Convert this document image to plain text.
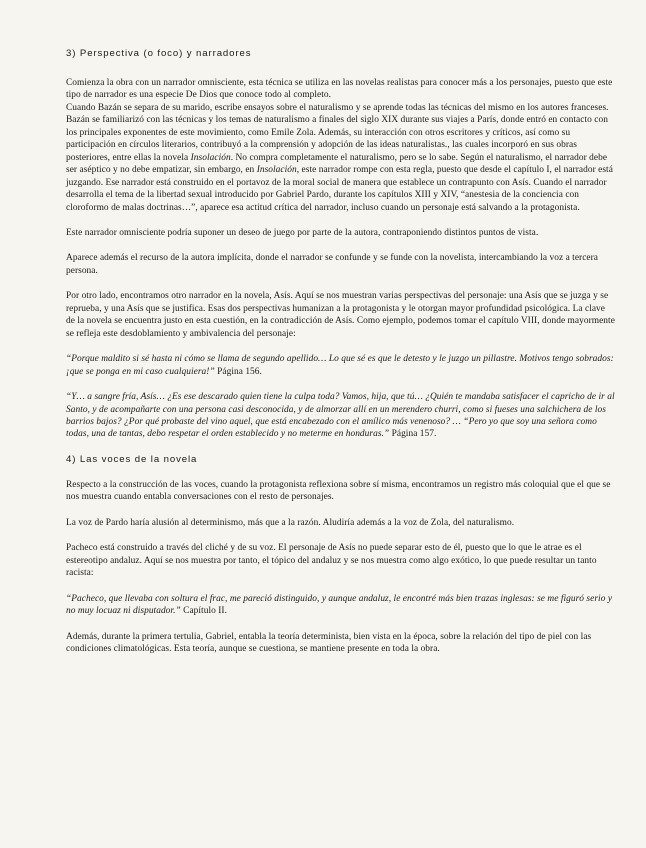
3) Perspectiva (o foco) y narradores

Comienza la obra con un narrador omnisciente, esta técnica se utiliza en las novelas realistas para conocer más a los personajes, puesto que este tipo de narrador es una especie De Dios que conoce todo al completo.
Cuando Bazán se separa de su marido, escribe ensayos sobre el naturalismo y se aprende todas las técnicas del mismo en los autores franceses. Bazán se familiarizó con las técnicas y los temas de naturalismo a finales del siglo XIX durante sus viajes a París, donde entró en contacto con los principales exponentes de este movimiento, como Emile Zola. Además, su interacción con otros escritores y críticos, así como su participación en círculos literarios, contribuyó a la comprensión y adopción de las ideas naturalistas., las cuales incorporó en sus obras posteriores, entre ellas la novela Insolación. No compra completamente el naturalismo, pero se lo sabe. Según el naturalismo, el narrador debe ser aséptico y no debe empatizar, sin embargo, en Insolación, este narrador rompe con esta regla, puesto que desde el capítulo I, el narrador está juzgando. Ese narrador está construido en el portavoz de la moral social de manera que establece un contrapunto con Asís. Cuando el narrador desarrolla el tema de la libertad sexual introducido por Gabriel Pardo, durante los capítulos XIII y XIV, “anestesia de la conciencia con cloroformo de malas doctrinas…”, aparece esa actitud crítica del narrador, incluso cuando un personaje está salvando a la protagonista.

Este narrador omnisciente podría suponer un deseo de juego por parte de la autora, contraponiendo distintos puntos de vista.

Aparece además el recurso de la autora implícita, donde el narrador se confunde y se funde con la novelista, intercambiando la voz a tercera persona.

Por otro lado, encontramos otro narrador en la novela, Asís. Aquí se nos muestran varias perspectivas del personaje: una Asís que se juzga y se reprueba, y una Asís que se justifica. Esas dos perspectivas humanizan a la protagonista y le otorgan mayor profundidad psicológica. La clave de la novela se encuentra justo en esta cuestión, en la contradicción de Asís. Como ejemplo, podemos tomar el capítulo VIII, donde mayormente se refleja este desdoblamiento y ambivalencia del personaje:

“Porque maldito si sé hasta ni cómo se llama de segundo apellido… Lo que sé es que le detesto y le juzgo un pillastre. Motivos tengo sobrados: ¡que se ponga en mi caso cualquiera!” Página 156.

“Y… a sangre fría, Asís… ¿Es ese descarado quien tiene la culpa toda? Vamos, hija, que tú… ¿Quién te mandaba satisfacer el capricho de ir al Santo, y de acompañarte con una persona casi desconocida, y de almorzar allí en un merendero churri, como si fueses una salchichera de los barrios bajos? ¿Por qué probaste del vino aquel, que está encabezado con el amílico más venenoso? … “Pero yo que soy una señora como todas, una de tantas, debo respetar el orden establecido y no meterme en honduras.” Página 157.

4) Las voces de la novela

Respecto a la construcción de las voces, cuando la protagonista reflexiona sobre sí misma, encontramos un registro más coloquial que el que se nos muestra cuando entabla conversaciones con el resto de personajes.

La voz de Pardo haría alusión al determinismo, más que a la razón. Aludiría además a la voz de Zola, del naturalismo.

Pacheco está construido a través del cliché y de su voz. El personaje de Asís no puede separar esto de él, puesto que lo que le atrae es el estereotipo andaluz. Aquí se nos muestra por tanto, el tópico del andaluz y se nos muestra como algo exótico, lo que puede resultar un tanto racista:

“Pacheco, que llevaba con soltura el frac, me pareció distinguido, y aunque andaluz, le encontré más bien trazas inglesas: se me figuró serio y no muy locuaz ni disputador.” Capítulo II.

Además, durante la primera tertulia, Gabriel, entabla la teoría determinista, bien vista en la época, sobre la relación del tipo de piel con las condiciones climatológicas. Esta teoría, aunque se cuestiona, se mantiene presente en toda la obra.
